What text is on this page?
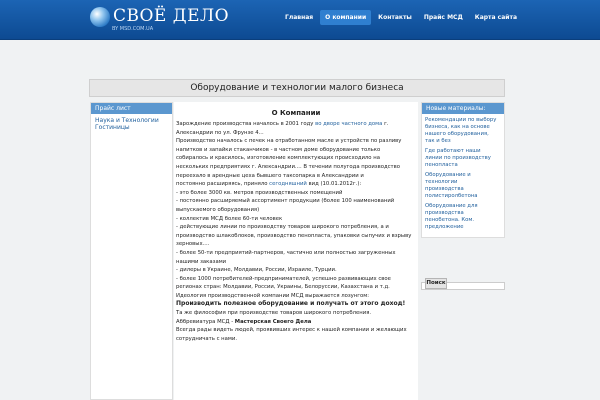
СВОЁ ДЕЛО
BY MSD.COM.UA
Главная	О компании	Контакты	Прайс МСД	Карта сайта
Оборудование и технологии малого бизнеса
Прайс лист
Наука и Технологии
Гостиницы
О Компании

Зарождение производства началось в 2001 году во дворе частного дома г.

Александрии по ул. Фрунзе 4...

Производство началось с печек на отработанном масле и устройств по разливу

напитков и запайки стаканчиков - в частном доме оборудование только

собиралось и красилось, изготовление комплектующих происходило на

нескольких предприятиях г. Александрии.... В течении полугода производство

переехало в арендные цеха бывшего таксопарка в Александрии и

постоянно расширяясь, приняло сегодняшний вид (10.01.2012г.):

- это более 3000 кв. метров производственных помещений

- постоянно расширяемый ассортимент продукции (более 100 наименований

выпускаемого оборудования)

- коллектив МСД более 60-ти человек

- действующие линии по производству товаров широкого потребления, а и

производство шлакоблоков, производство пенопласта, упаковки сыпучих и взрыву

зерновых....

- более 50-ти предприятий-партнеров, частично или полностью загруженных

нашими заказами

- дилеры в Украине, Молдавии, России, Израиле, Турции.

- более 1000 потребителей-предпринимателей, успешно развивающих свое

регионах стран: Молдавии, России, Украины, Белоруссии, Казахстана и т.д.

Идеология производственной компании МСД выражается лозунгом:

Производить полезное оборудование и получать от этого доход!

Та же философия при производстве товаров широкого потребления.

Аббревиатура МСД - Мастерская Своего Дела

Всегда рады видеть людей, проявивших интерес к нашей компании и желающих

сотрудничать с нами.

Новые материалы:
Рекомендации по выбору
бизнеса, как на основе
нашего оборудования,
так и без
Где работают наши
линии по производству
пенопласта
Оборудование и
технологии
производства
полистиролбетона
Оборудование для
производства
пенобетона. Ком.
предложение
Поиск
